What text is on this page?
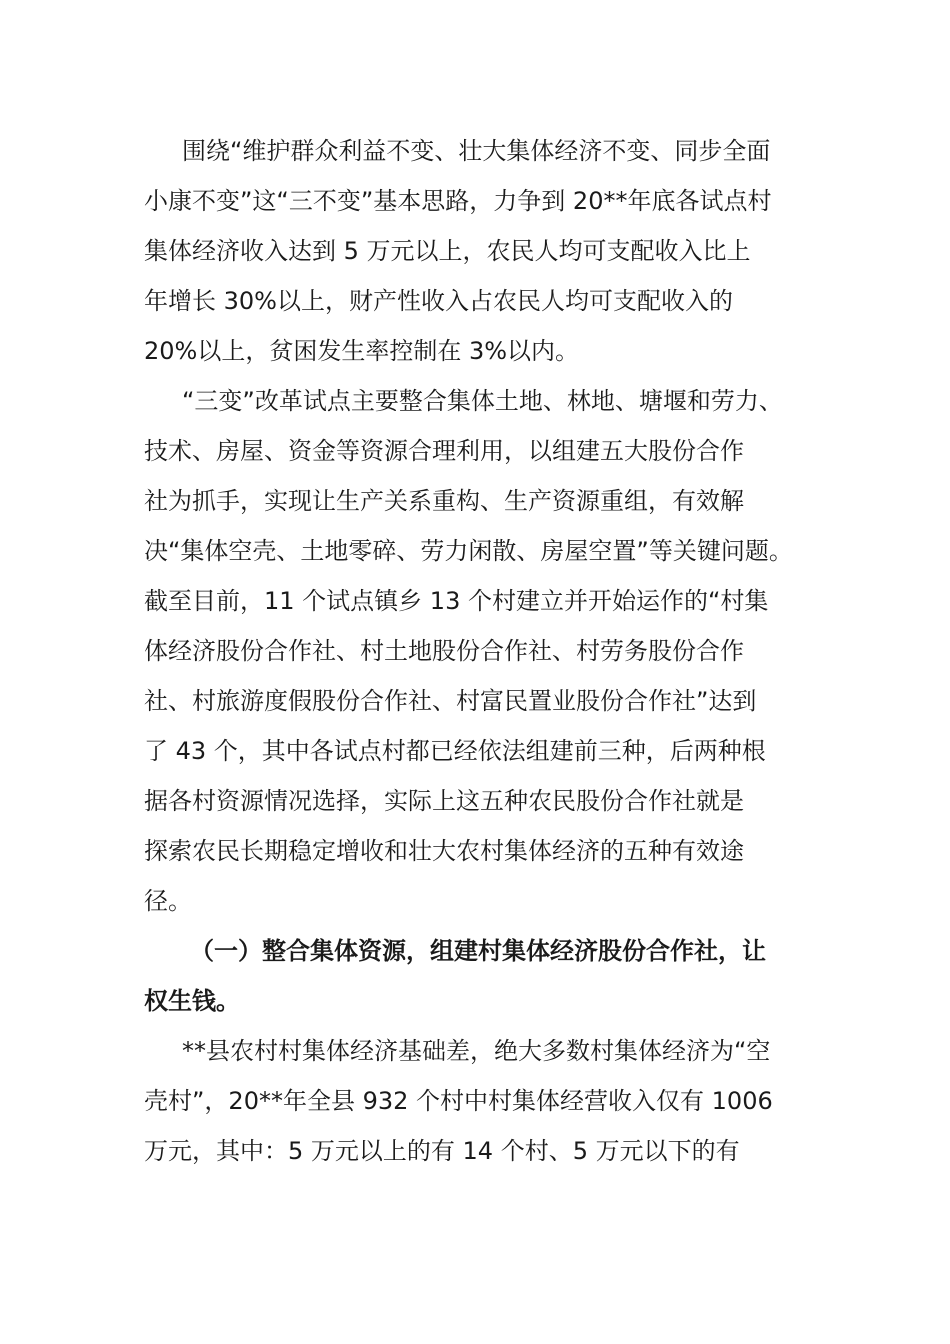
围绕“维护群众利益不变、壮大集体经济不变、同步全面
小康不变”这“三不变”基本思路，力争到 20**年底各试点村
集体经济收入达到 5 万元以上，农民人均可支配收入比上
年增长 30%以上，财产性收入占农民人均可支配收入的
20%以上，贫困发生率控制在 3%以内。
“三变”改革试点主要整合集体土地、林地、塘堰和劳力、
技术、房屋、资金等资源合理利用，以组建五大股份合作
社为抓手，实现让生产关系重构、生产资源重组，有效解
决“集体空壳、土地零碎、劳力闲散、房屋空置”等关键问题。
截至目前，11 个试点镇乡 13 个村建立并开始运作的“村集
体经济股份合作社、村土地股份合作社、村劳务股份合作
社、村旅游度假股份合作社、村富民置业股份合作社”达到
了 43 个，其中各试点村都已经依法组建前三种，后两种根
据各村资源情况选择，实际上这五种农民股份合作社就是
探索农民长期稳定增收和壮大农村集体经济的五种有效途
径。
（一）整合集体资源，组建村集体经济股份合作社，让
权生钱。
**县农村村集体经济基础差，绝大多数村集体经济为“空
壳村”，20**年全县 932 个村中村集体经营收入仅有 1006
万元，其中：5 万元以上的有 14 个村、5 万元以下的有
